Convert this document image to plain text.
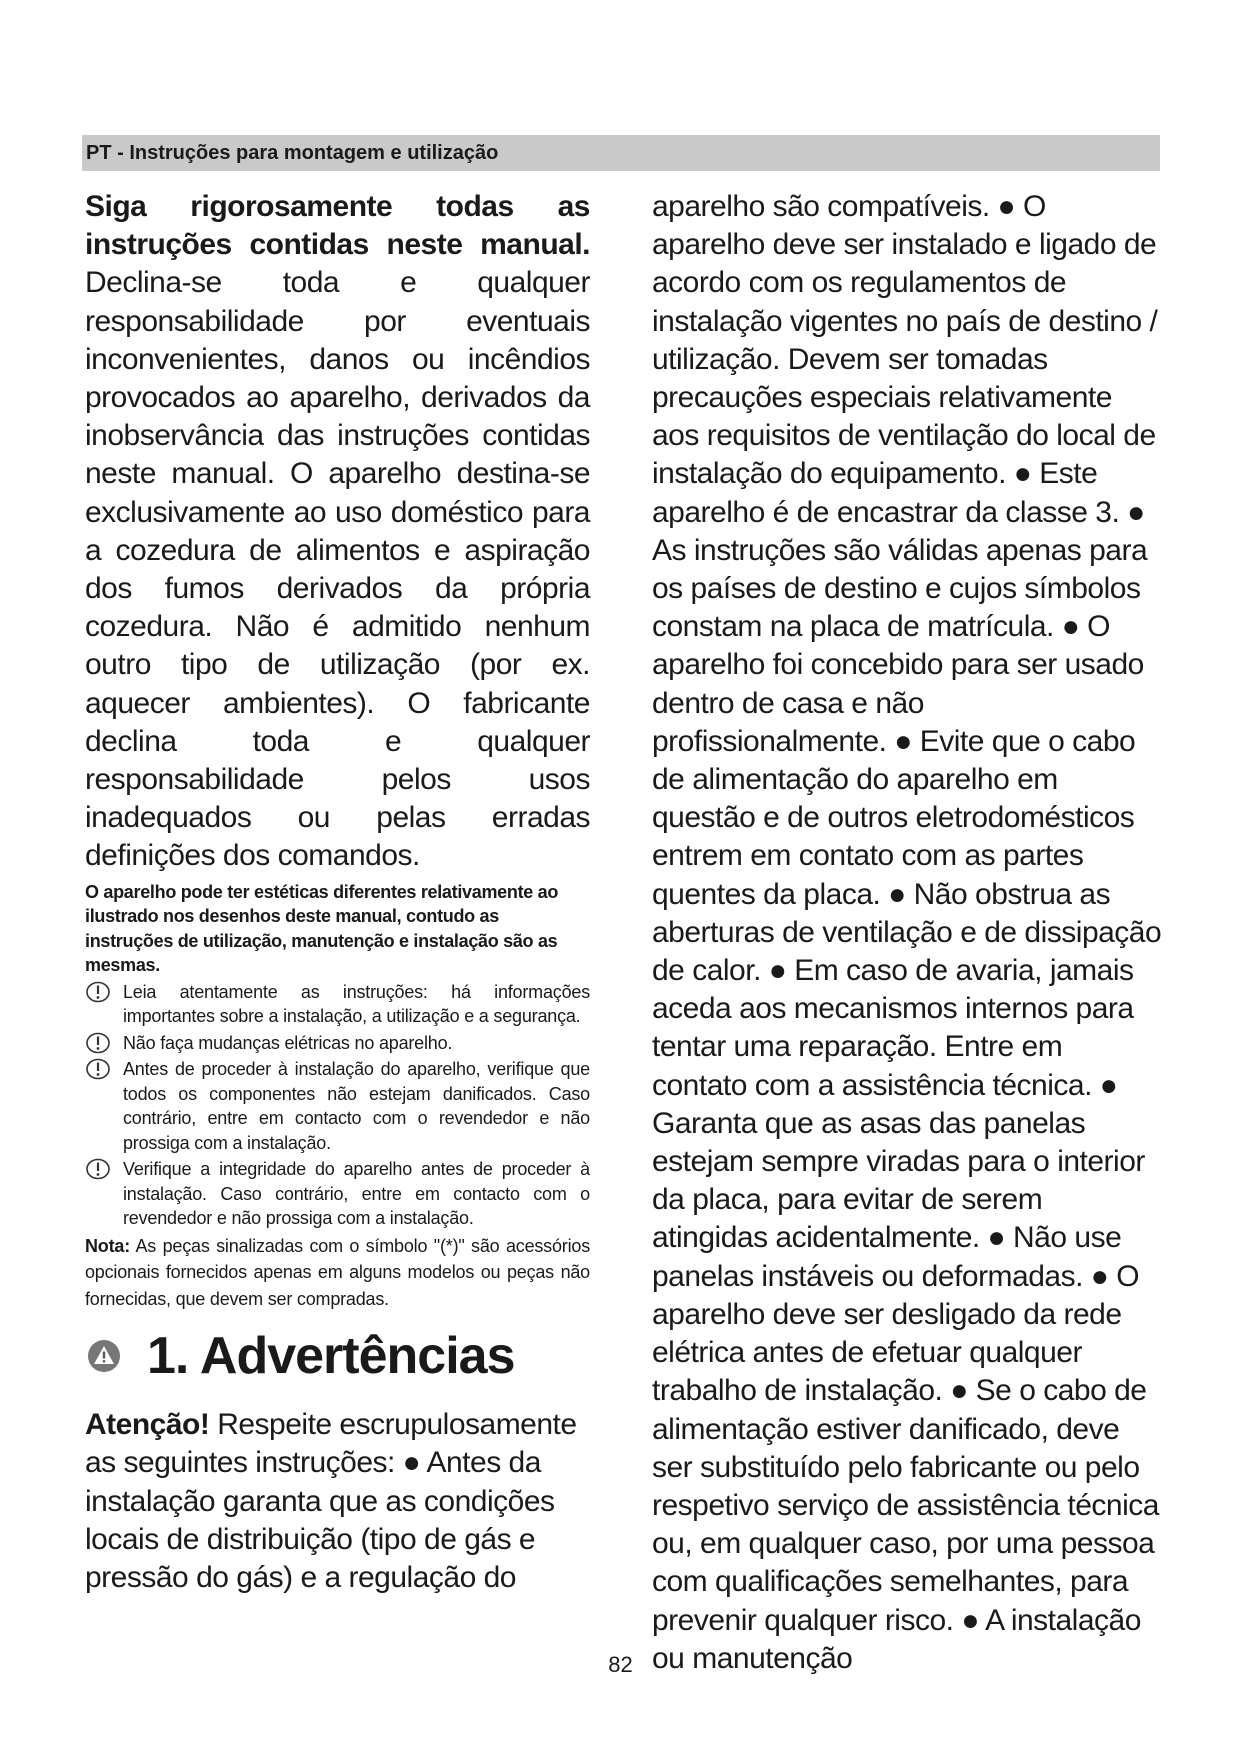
PT - Instruções para montagem e utilização

Siga rigorosamente todas as instruções contidas neste manual. Declina-se toda e qualquer responsabilidade por eventuais inconvenientes, danos ou incêndios provocados ao aparelho, derivados da inobservância das instruções contidas neste manual. O aparelho destina-se exclusivamente ao uso doméstico para a cozedura de alimentos e aspiração dos fumos derivados da própria cozedura. Não é admitido nenhum outro tipo de utilização (por ex. aquecer ambientes). O fabricante declina toda e qualquer responsabilidade pelos usos inadequados ou pelas erradas definições dos comandos.

O aparelho pode ter estéticas diferentes relativamente ao ilustrado nos desenhos deste manual, contudo as instruções de utilização, manutenção e instalação são as mesmas.

Leia atentamente as instruções: há informações importantes sobre a instalação, a utilização e a segurança.
Não faça mudanças elétricas no aparelho.
Antes de proceder à instalação do aparelho, verifique que todos os componentes não estejam danificados. Caso contrário, entre em contacto com o revendedor e não prossiga com a instalação.
Verifique a integridade do aparelho antes de proceder à instalação. Caso contrário, entre em contacto com o revendedor e não prossiga com a instalação.

Nota: As peças sinalizadas com o símbolo "(*)" são acessórios opcionais fornecidos apenas em alguns modelos ou peças não fornecidas, que devem ser compradas.

1. Advertências

Atenção! Respeite escrupulosamente as seguintes instruções: ● Antes da instalação garanta que as condições locais de distribuição (tipo de gás e pressão do gás) e a regulação do

aparelho são compatíveis. ● O aparelho deve ser instalado e ligado de acordo com os regulamentos de instalação vigentes no país de destino / utilização. Devem ser tomadas precauções especiais relativamente aos requisitos de ventilação do local de instalação do equipamento. ● Este aparelho é de encastrar da classe 3. ● As instruções são válidas apenas para os países de destino e cujos símbolos constam na placa de matrícula. ● O aparelho foi concebido para ser usado dentro de casa e não profissionalmente. ● Evite que o cabo de alimentação do aparelho em questão e de outros eletrodomésticos entrem em contato com as partes quentes da placa. ● Não obstrua as aberturas de ventilação e de dissipação de calor. ● Em caso de avaria, jamais aceda aos mecanismos internos para tentar uma reparação. Entre em contato com a assistência técnica. ● Garanta que as asas das panelas estejam sempre viradas para o interior da placa, para evitar de serem atingidas acidentalmente. ● Não use panelas instáveis ou deformadas. ● O aparelho deve ser desligado da rede elétrica antes de efetuar qualquer trabalho de instalação. ● Se o cabo de alimentação estiver danificado, deve ser substituído pelo fabricante ou pelo respetivo serviço de assistência técnica ou, em qualquer caso, por uma pessoa com qualificações semelhantes, para prevenir qualquer risco. ● A instalação ou manutenção

82
